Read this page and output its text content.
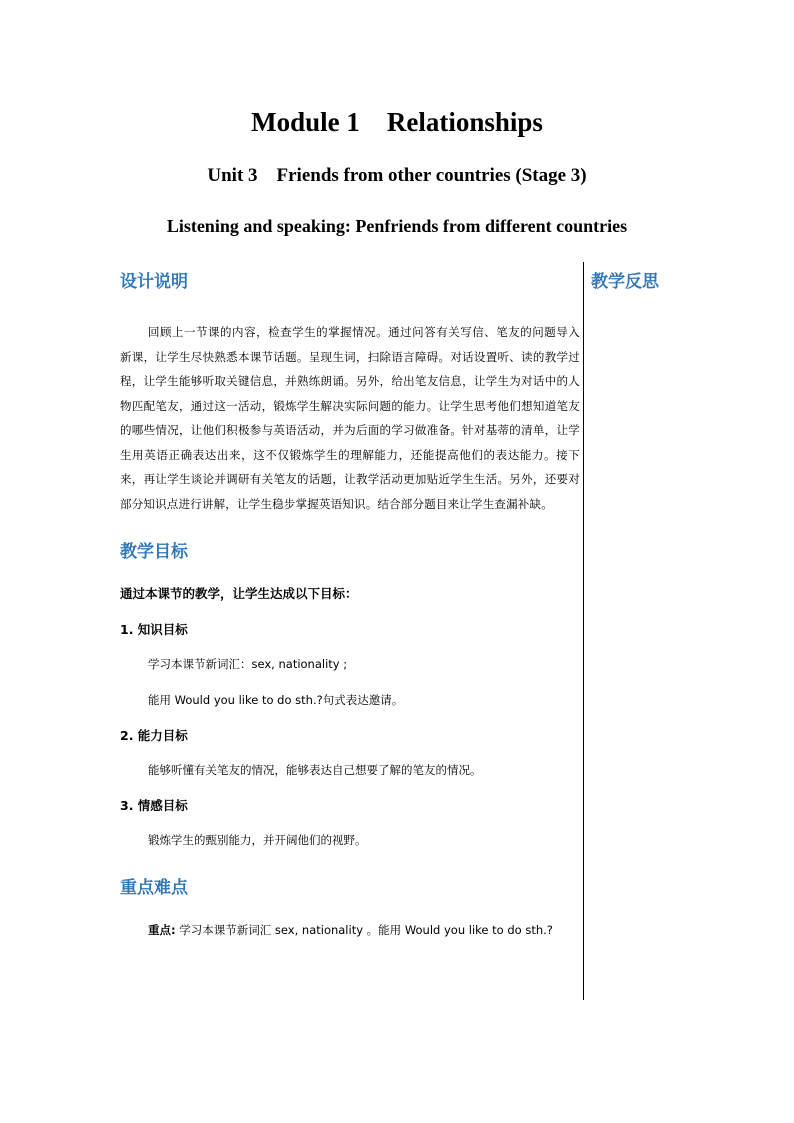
Module 1　Relationships
Unit 3　Friends from other countries (Stage 3)
Listening and speaking: Penfriends from different countries
设计说明

回顾上一节课的内容，检查学生的掌握情况。通过问答有关写信、笔友的问题导入新课，让学生尽快熟悉本课节话题。呈现生词，扫除语言障碍。对话设置听、读的教学过程，让学生能够听取关键信息，并熟练朗诵。另外，给出笔友信息，让学生为对话中的人物匹配笔友，通过这一活动，锻炼学生解决实际问题的能力。让学生思考他们想知道笔友的哪些情况，让他们积极参与英语活动，并为后面的学习做准备。针对基蒂的清单，让学生用英语正确表达出来，这不仅锻炼学生的理解能力，还能提高他们的表达能力。接下来，再让学生谈论并调研有关笔友的话题，让教学活动更加贴近学生生活。另外，还要对部分知识点进行讲解，让学生稳步掌握英语知识。结合部分题目来让学生查漏补缺。

教学目标

通过本课节的教学，让学生达成以下目标：

1. 知识目标

学习本课节新词汇：sex, nationality ;

能用 Would you like to do sth.?句式表达邀请。

2. 能力目标

能够听懂有关笔友的情况，能够表达自己想要了解的笔友的情况。

3. 情感目标

锻炼学生的甄别能力，并开阔他们的视野。

重点难点

重点: 学习本课节新词汇 sex, nationality 。能用 Would you like to do sth.?

教学反思
